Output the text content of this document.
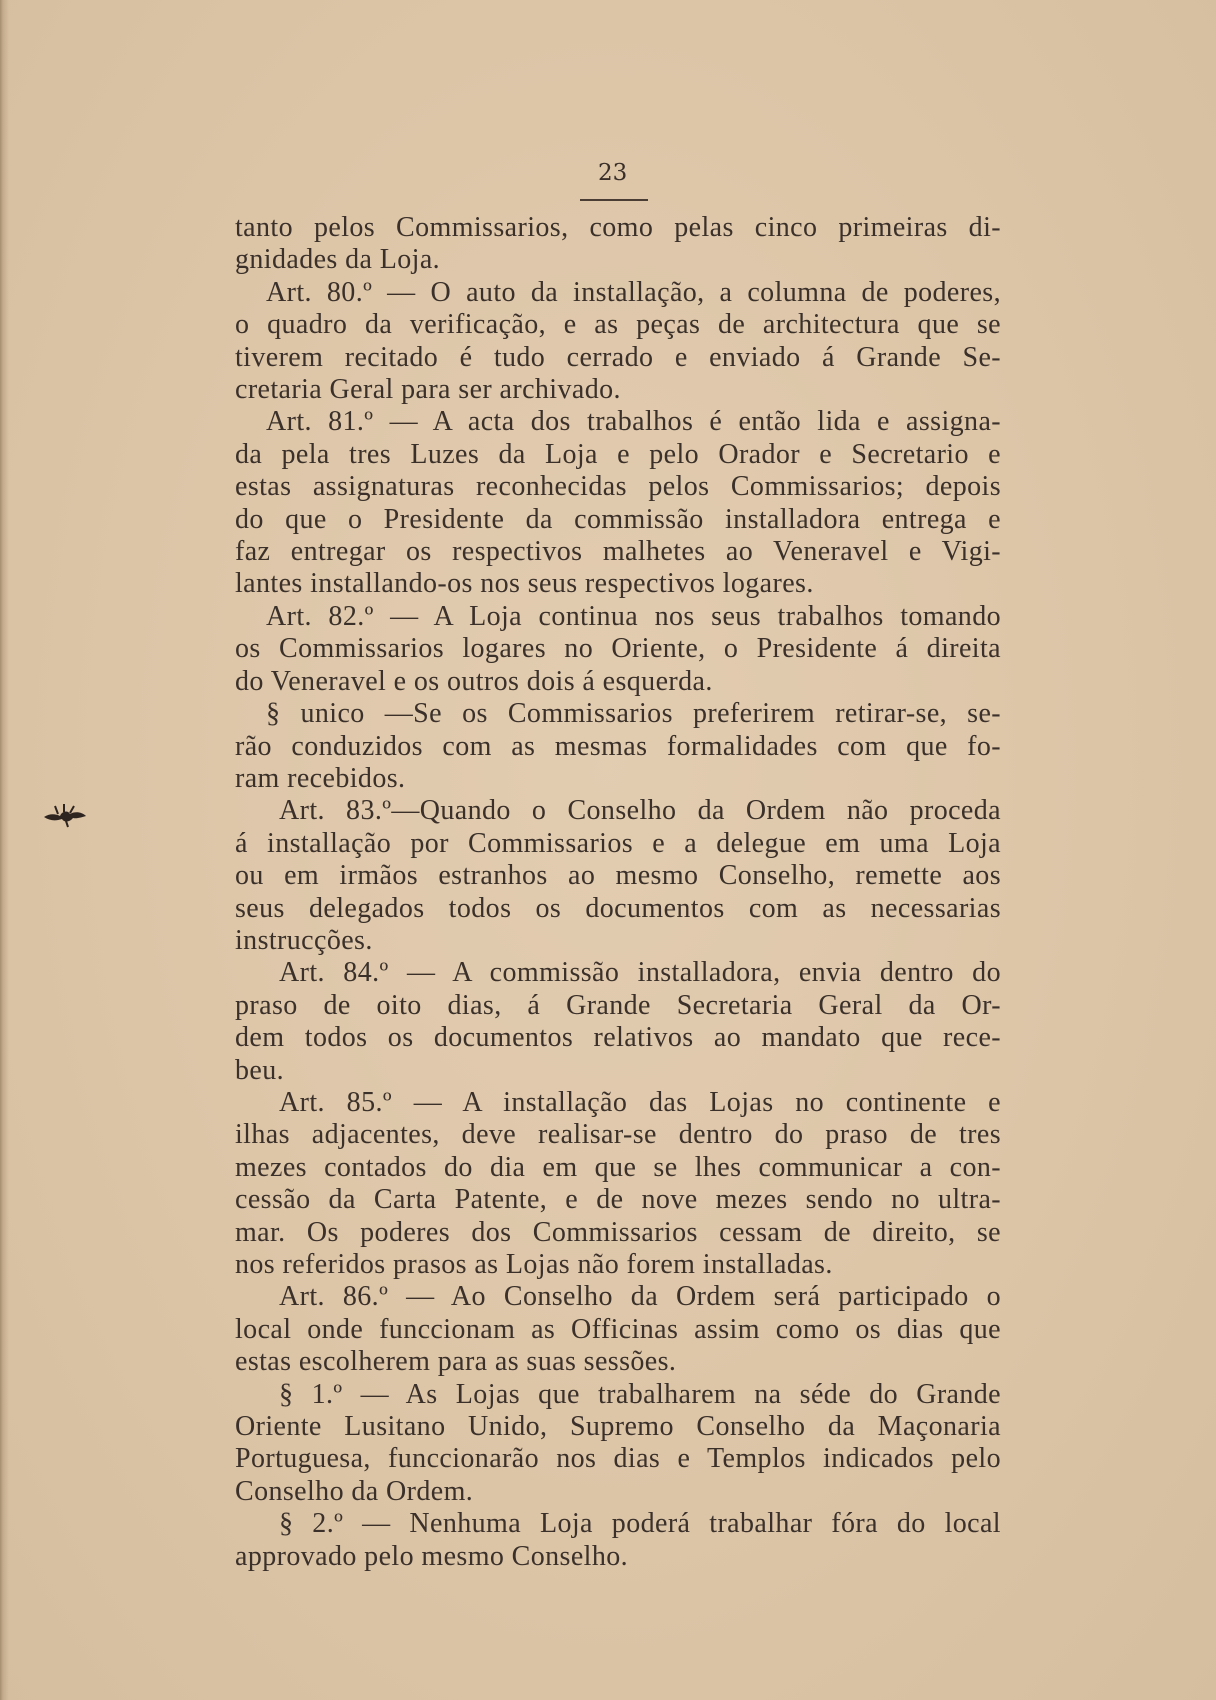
23
tanto pelos Commissarios, como pelas cinco primeiras di-
gnidades da Loja.
Art. 80.º — O auto da installação, a columna de poderes,
o quadro da verificação, e as peças de architectura que se
tiverem recitado é tudo cerrado e enviado á Grande Se-
cretaria Geral para ser archivado.
Art. 81.º — A acta dos trabalhos é então lida e assigna-
da pela tres Luzes da Loja e pelo Orador e Secretario e
estas assignaturas reconhecidas pelos Commissarios; depois
do que o Presidente da commissão installadora entrega e
faz entregar os respectivos malhetes ao Veneravel e Vigi-
lantes installando-os nos seus respectivos logares.
Art. 82.º — A Loja continua nos seus trabalhos tomando
os Commissarios logares no Oriente, o Presidente á direita
do Veneravel e os outros dois á esquerda.
§ unico —Se os Commissarios preferirem retirar-se, se-
rão conduzidos com as mesmas formalidades com que fo-
ram recebidos.
Art. 83.º—Quando o Conselho da Ordem não proceda
á installação por Commissarios e a delegue em uma Loja
ou em irmãos estranhos ao mesmo Conselho, remette aos
seus delegados todos os documentos com as necessarias
instrucções.
Art. 84.º — A commissão installadora, envia dentro do
praso de oito dias, á Grande Secretaria Geral da Or-
dem todos os documentos relativos ao mandato que rece-
beu.
Art. 85.º — A installação das Lojas no continente e
ilhas adjacentes, deve realisar-se dentro do praso de tres
mezes contados do dia em que se lhes communicar a con-
cessão da Carta Patente, e de nove mezes sendo no ultra-
mar. Os poderes dos Commissarios cessam de direito, se
nos referidos prasos as Lojas não forem installadas.
Art. 86.º — Ao Conselho da Ordem será participado o
local onde funccionam as Officinas assim como os dias que
estas escolherem para as suas sessões.
§ 1.º — As Lojas que trabalharem na séde do Grande
Oriente Lusitano Unido, Supremo Conselho da Maçonaria
Portuguesa, funccionarão nos dias e Templos indicados pelo
Conselho da Ordem.
§ 2.º — Nenhuma Loja poderá trabalhar fóra do local
approvado pelo mesmo Conselho.
